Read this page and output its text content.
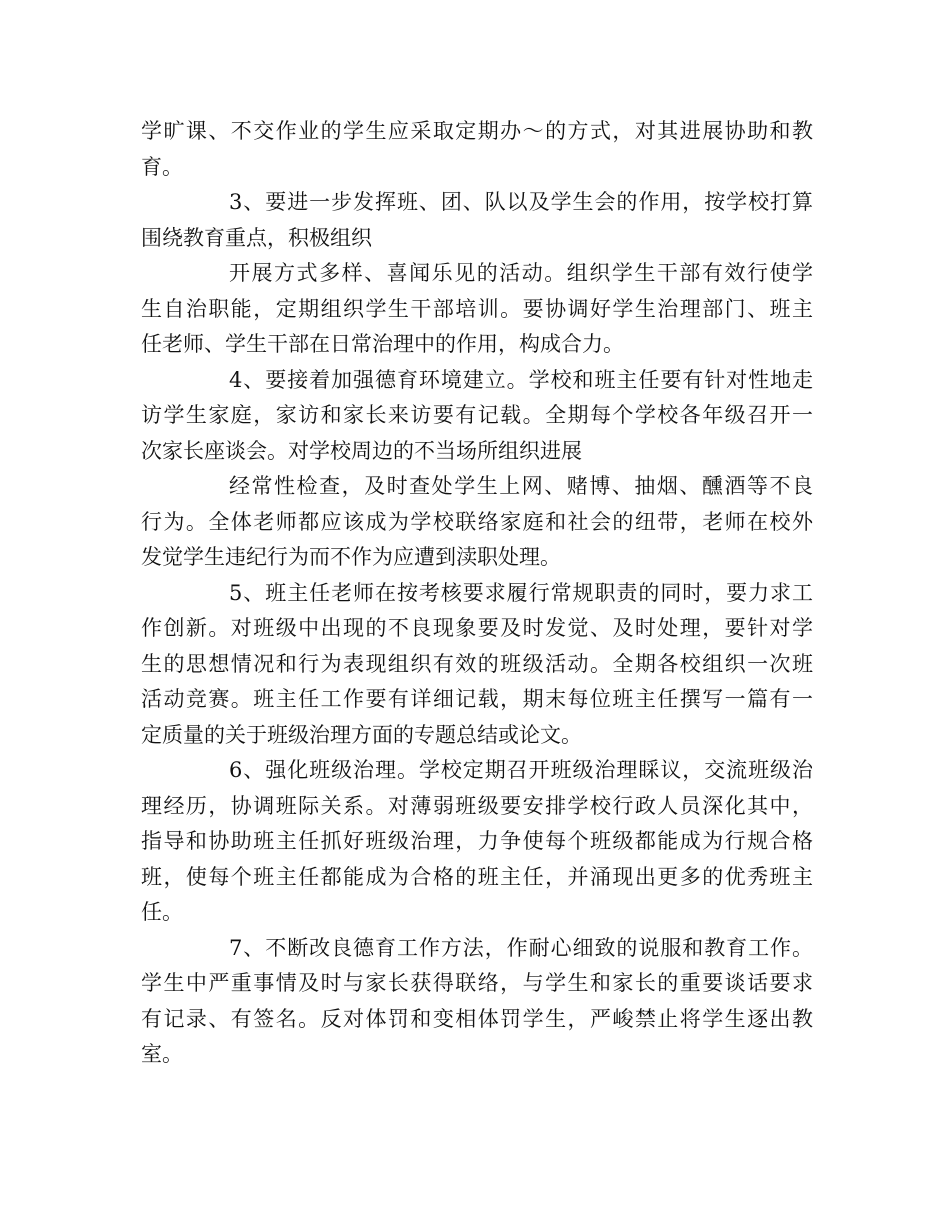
学旷课、不交作业的学生应采取定期办～的方式，对其进展协助和教
育。
3、要进一步发挥班、团、队以及学生会的作用，按学校打算
围绕教育重点，积极组织
开展方式多样、喜闻乐见的活动。组织学生干部有效行使学
生自治职能，定期组织学生干部培训。要协调好学生治理部门、班主
任老师、学生干部在日常治理中的作用，构成合力。
4、要接着加强德育环境建立。学校和班主任要有针对性地走
访学生家庭，家访和家长来访要有记载。全期每个学校各年级召开一
次家长座谈会。对学校周边的不当场所组织进展
经常性检查，及时查处学生上网、赌博、抽烟、醺酒等不良
行为。全体老师都应该成为学校联络家庭和社会的纽带，老师在校外
发觉学生违纪行为而不作为应遭到渎职处理。
5、班主任老师在按考核要求履行常规职责的同时，要力求工
作创新。对班级中出现的不良现象要及时发觉、及时处理，要针对学
生的思想情况和行为表现组织有效的班级活动。全期各校组织一次班
活动竞赛。班主任工作要有详细记载，期末每位班主任撰写一篇有一
定质量的关于班级治理方面的专题总结或论文。
6、强化班级治理。学校定期召开班级治理睬议，交流班级治
理经历，协调班际关系。对薄弱班级要安排学校行政人员深化其中，
指导和协助班主任抓好班级治理，力争使每个班级都能成为行规合格
班，使每个班主任都能成为合格的班主任，并涌现出更多的优秀班主
任。
7、不断改良德育工作方法，作耐心细致的说服和教育工作。
学生中严重事情及时与家长获得联络，与学生和家长的重要谈话要求
有记录、有签名。反对体罚和变相体罚学生，严峻禁止将学生逐出教
室。
